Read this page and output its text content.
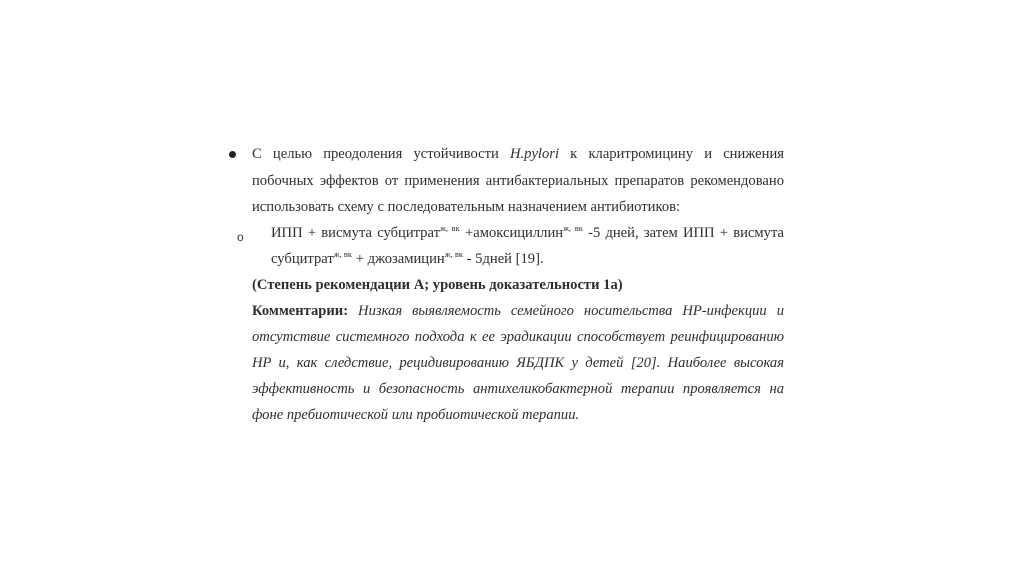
С целью преодоления устойчивости H.pylori к кларитромицину и снижения
побочных эффектов от применения антибактериальных препаратов рекомендовано
использовать схему с последовательным назначением антибиотиков:
o ИПП + висмута субцитрат$^{ж, вк}$ +амоксициллин$^{ж, вк}$ -5 дней, затем ИПП + висмута
субцитрат$^{ж, вк}$ + джозамицин$^{ж, вк}$ - 5дней [19].
(Степень рекомендации А; уровень доказательности 1а)
Комментарии: Низкая выявляемость семейного носительства HP-инфекции и
отсутствие системного подхода к ее эрадикации способствует реинфицированию
HP и, как следствие, рецидивированию ЯБДПК у детей [20]. Наиболее высокая
эффективность и безопасность антихеликобактерной терапии проявляется на
фоне пребиотической или пробиотической терапии.
